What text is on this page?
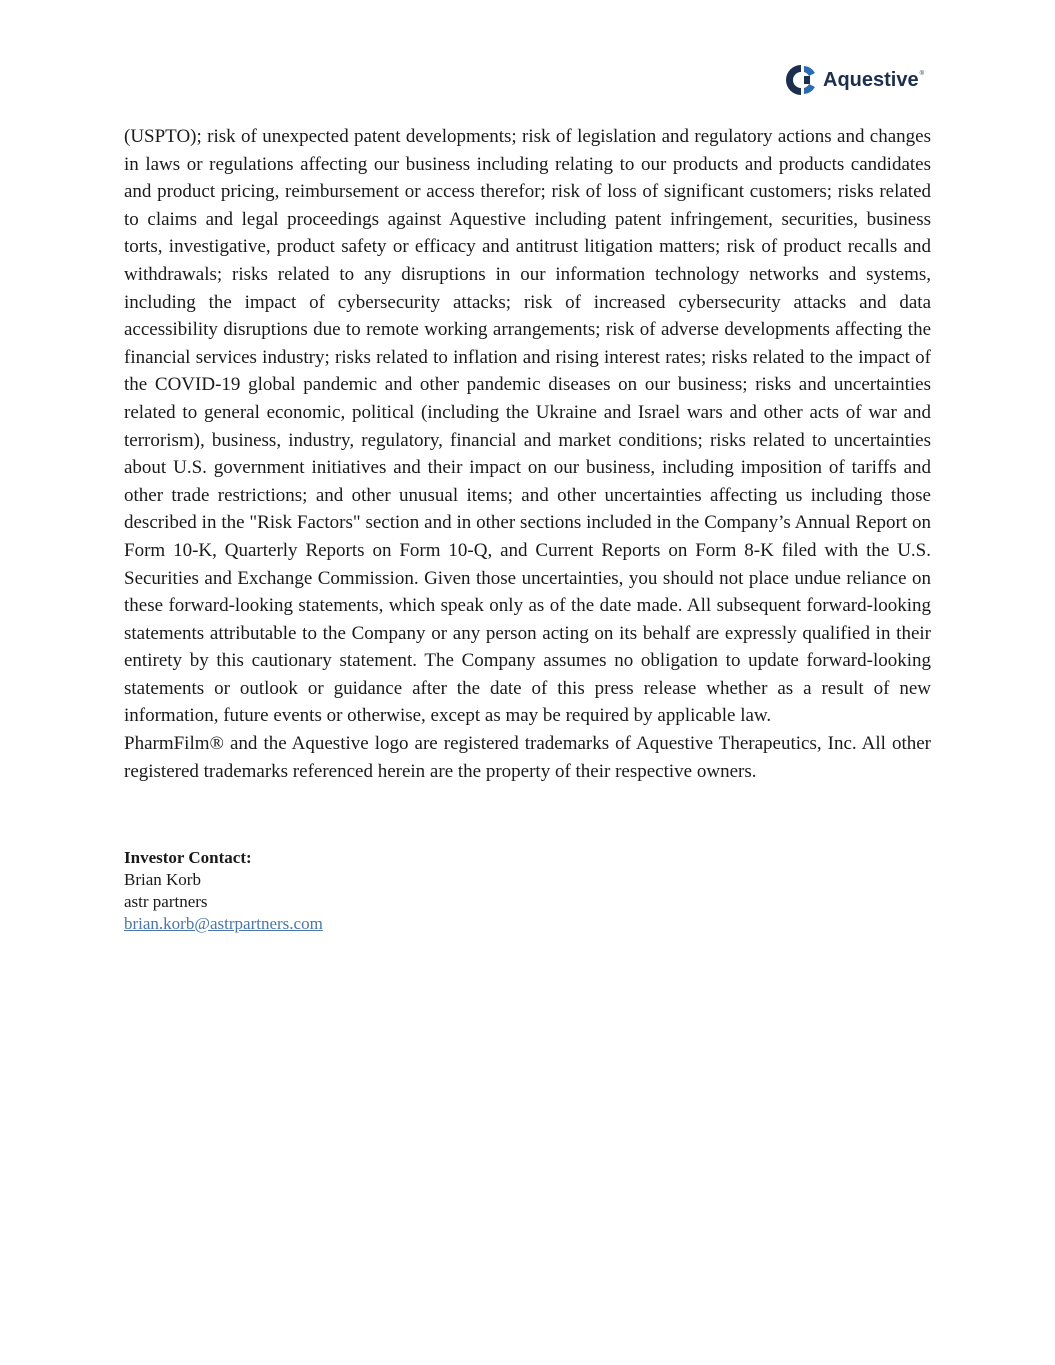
Aquestive ®

(USPTO); risk of unexpected patent developments; risk of legislation and regulatory actions and changes in laws or regulations affecting our business including relating to our products and products candidates and product pricing, reimbursement or access therefor; risk of loss of significant customers; risks related to claims and legal proceedings against Aquestive including patent infringement, securities, business torts, investigative, product safety or efficacy and antitrust litigation matters; risk of product recalls and withdrawals; risks related to any disruptions in our information technology networks and systems, including the impact of cybersecurity attacks; risk of increased cybersecurity attacks and data accessibility disruptions due to remote working arrangements; risk of adverse developments affecting the financial services industry; risks related to inflation and rising interest rates; risks related to the impact of the COVID-19 global pandemic and other pandemic diseases on our business; risks and uncertainties related to general economic, political (including the Ukraine and Israel wars and other acts of war and terrorism), business, industry, regulatory, financial and market conditions; risks related to uncertainties about U.S. government initiatives and their impact on our business, including imposition of tariffs and other trade restrictions; and other unusual items; and other uncertainties affecting us including those described in the "Risk Factors" section and in other sections included in the Company’s Annual Report on Form 10-K, Quarterly Reports on Form 10-Q, and Current Reports on Form 8-K filed with the U.S. Securities and Exchange Commission. Given those uncertainties, you should not place undue reliance on these forward-looking statements, which speak only as of the date made. All subsequent forward-looking statements attributable to the Company or any person acting on its behalf are expressly qualified in their entirety by this cautionary statement. The Company assumes no obligation to update forward-looking statements or outlook or guidance after the date of this press release whether as a result of new information, future events or otherwise, except as may be required by applicable law.

PharmFilm® and the Aquestive logo are registered trademarks of Aquestive Therapeutics, Inc. All other registered trademarks referenced herein are the property of their respective owners.

Investor Contact:
Brian Korb
astr partners
brian.korb@astrpartners.com
